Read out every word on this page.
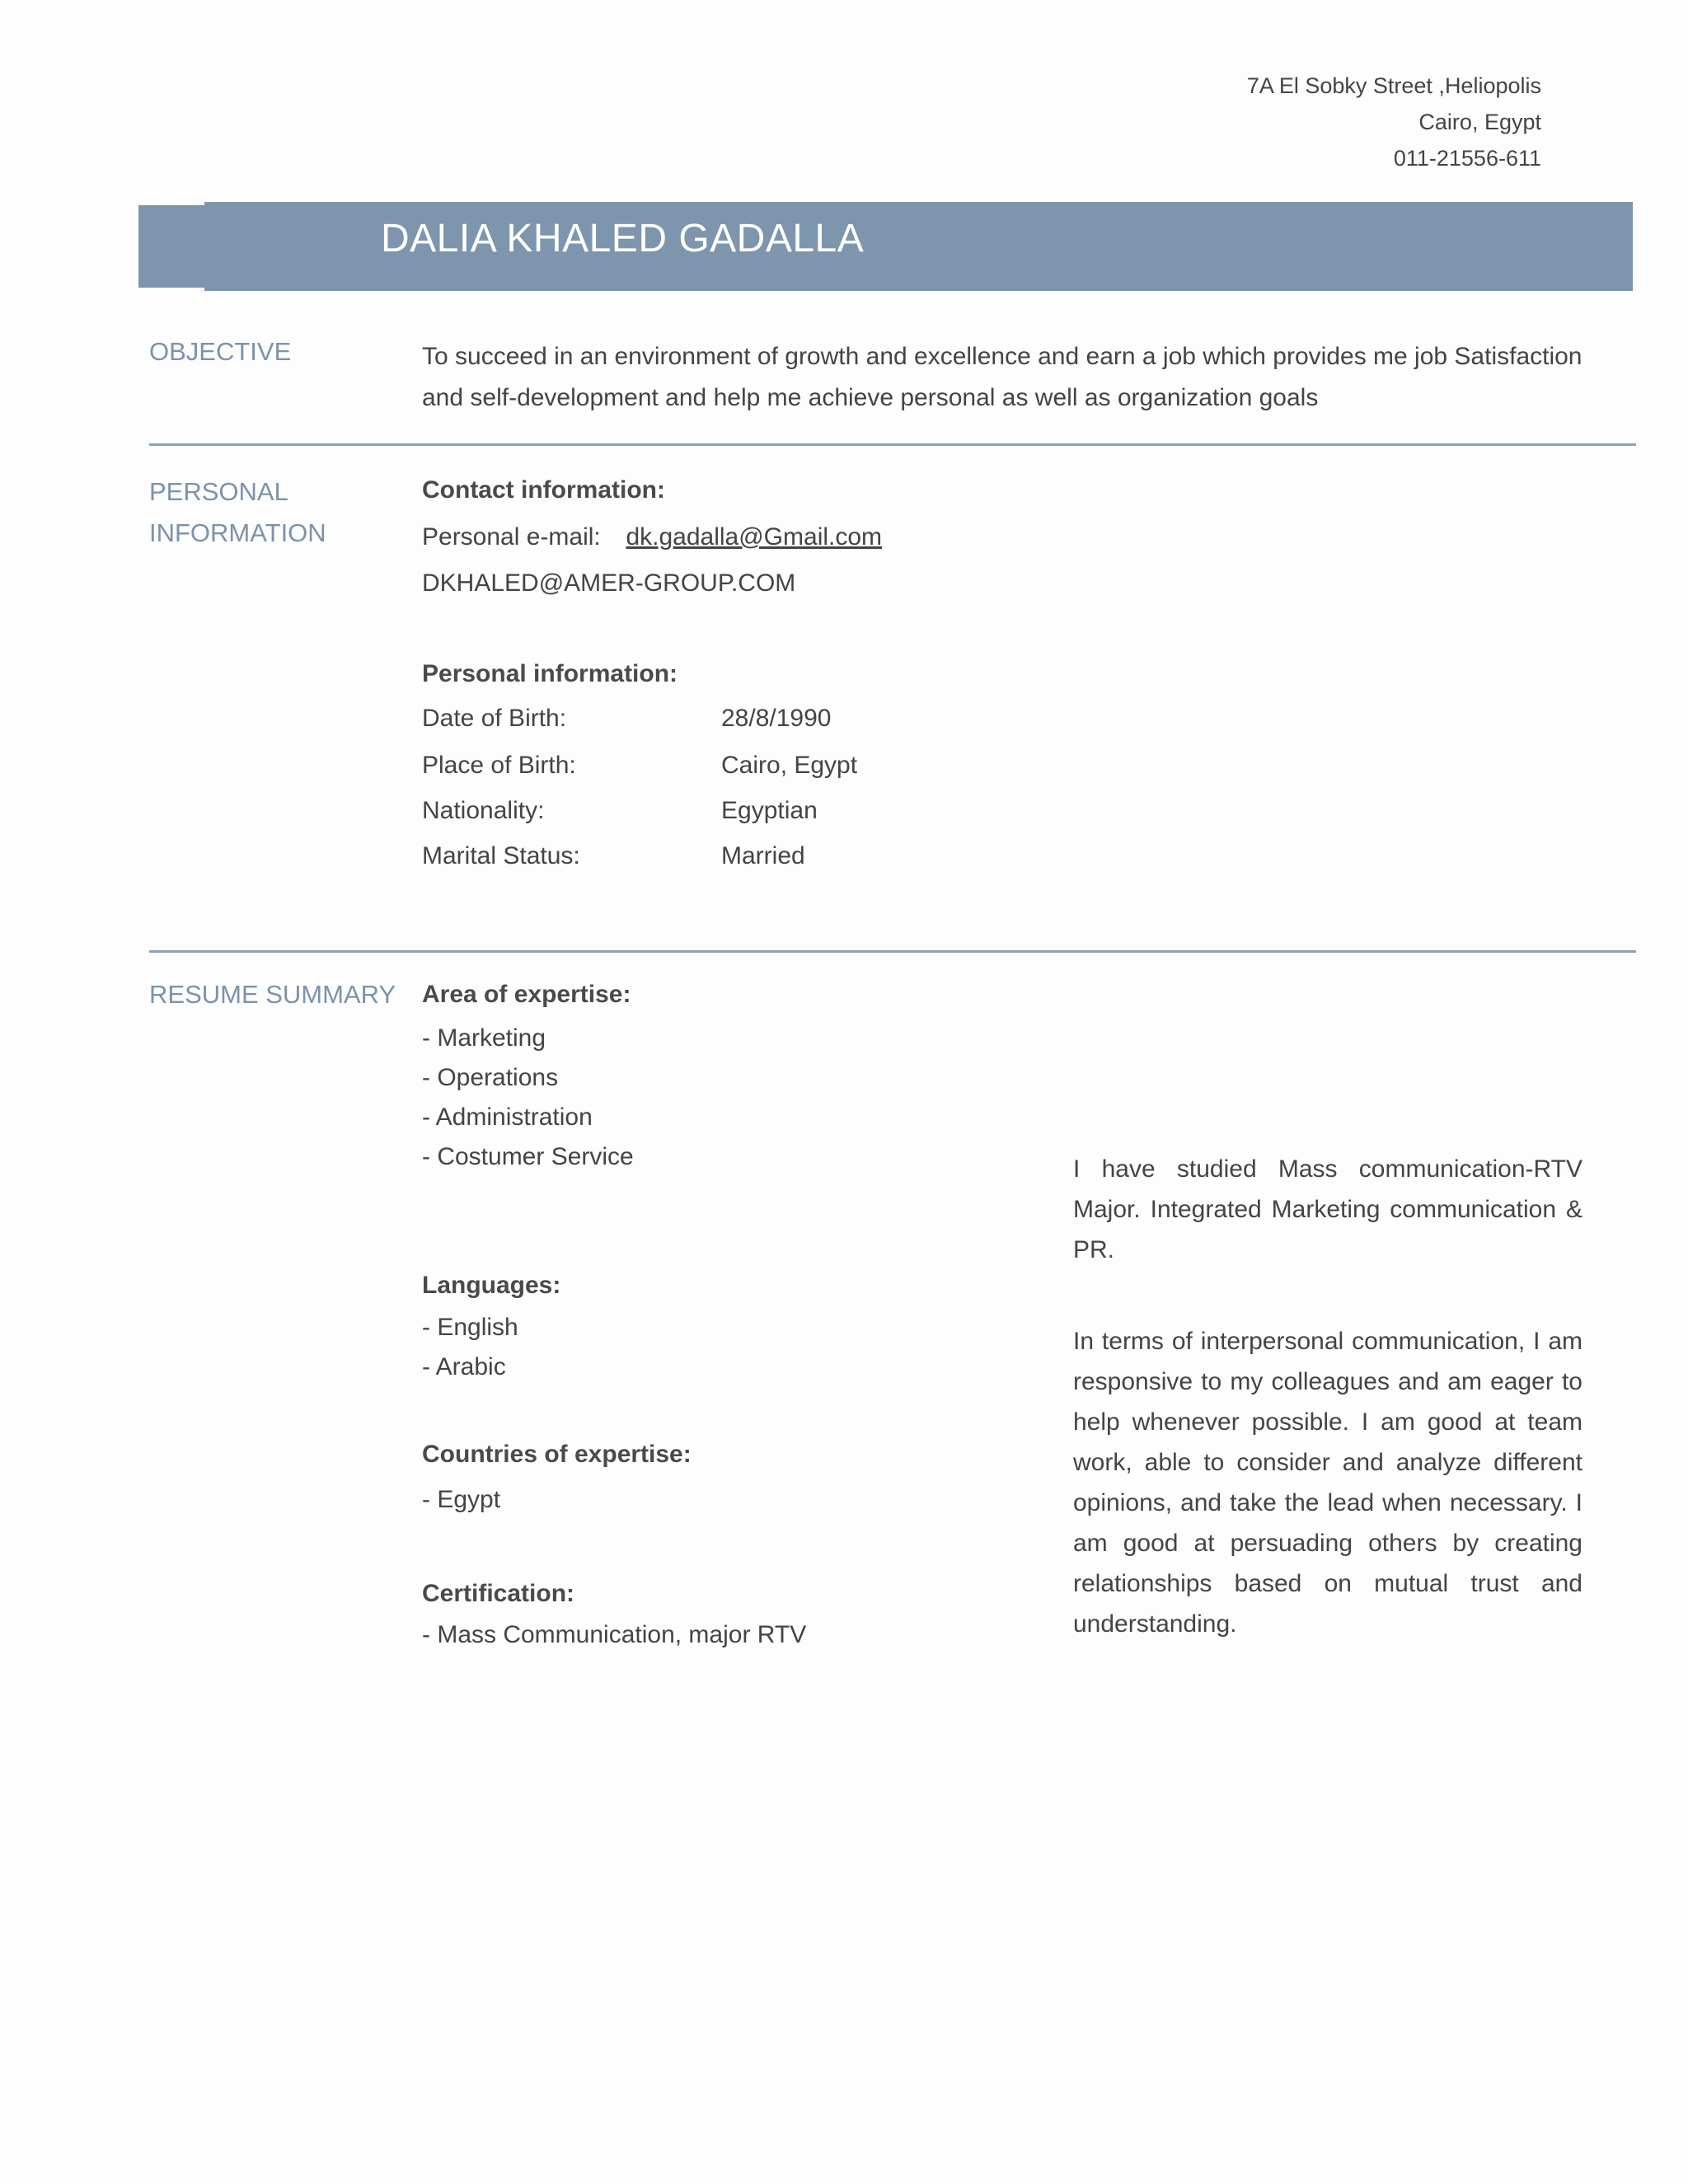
7A El Sobky Street ,Heliopolis
Cairo, Egypt
011-21556-611
DALIA KHALED GADALLA
OBJECTIVE	To succeed in an environment of growth and excellence and earn a job which provides me job Satisfaction
and self-development and help me achieve personal as well as organization goals
PERSONAL
INFORMATION
Contact information:
Personal e-mail: dk.gadalla@Gmail.com
DKHALED@AMER-GROUP.COM
Personal information:
Date of Birth:	28/8/1990
Place of Birth:	Cairo, Egypt
Nationality:	Egyptian
Marital Status:	Married
RESUME SUMMARY Area of expertise:
- Marketing
- Operations
- Administration
- Costumer Service
Languages:
- English
- Arabic
Countries of expertise:
- Egypt
Certification:
- Mass Communication, major RTV
I have studied Mass communication-RTV Major. Integrated Marketing communication & PR.
In terms of interpersonal communication, I am responsive to my colleagues and am eager to help whenever possible. I am good at team work, able to consider and analyze different opinions, and take the lead when necessary. I am good at persuading others by creating relationships based on mutual trust and understanding.
